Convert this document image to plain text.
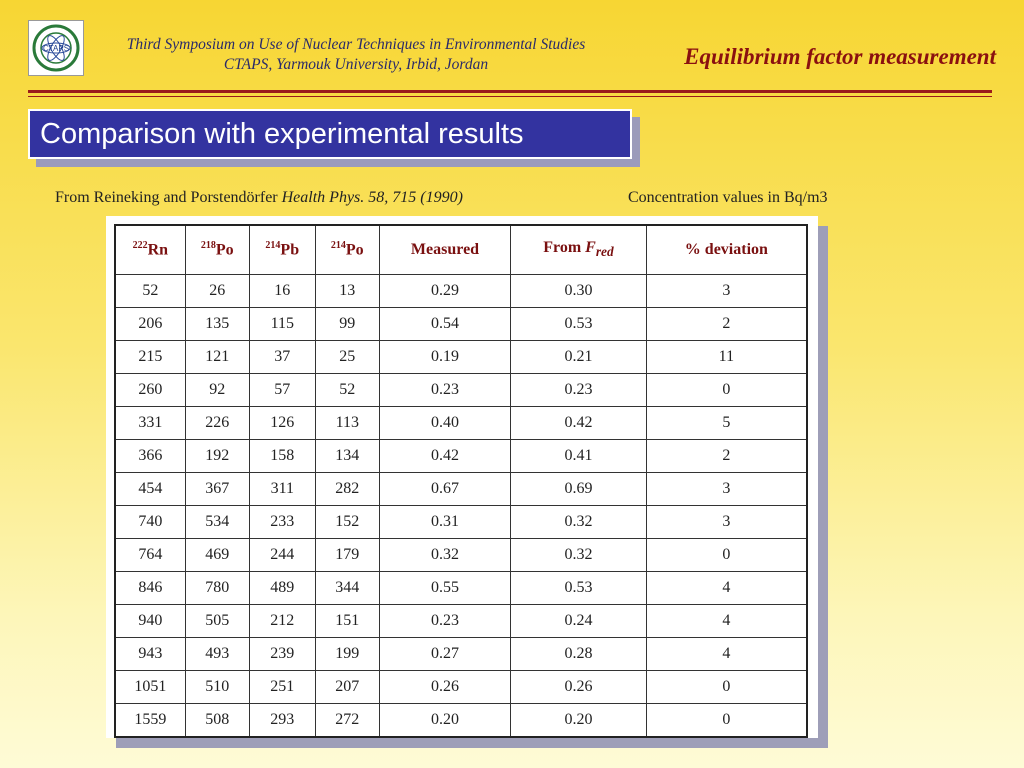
CTAPS	Third Symposium on Use of Nuclear Techniques in Environmental Studies
CTAPS, Yarmouk University, Irbid, Jordan	Equilibrium factor measurement
Comparison with experimental results
From Reineking and Porstendörfer Health Phys. 58, 715 (1990)	Concentration values in Bq/m3
$^{222}$Rn	$^{218}$Po	$^{214}$Pb	$^{214}$Po	Measured	From $F_{red}$	% deviation
52	26	16	13	0.29	0.30	3
206	135	115	99	0.54	0.53	2
215	121	37	25	0.19	0.21	11
260	92	57	52	0.23	0.23	0
331	226	126	113	0.40	0.42	5
366	192	158	134	0.42	0.41	2
454	367	311	282	0.67	0.69	3
740	534	233	152	0.31	0.32	3
764	469	244	179	0.32	0.32	0
846	780	489	344	0.55	0.53	4
940	505	212	151	0.23	0.24	4
943	493	239	199	0.27	0.28	4
1051	510	251	207	0.26	0.26	0
1559	508	293	272	0.20	0.20	0
